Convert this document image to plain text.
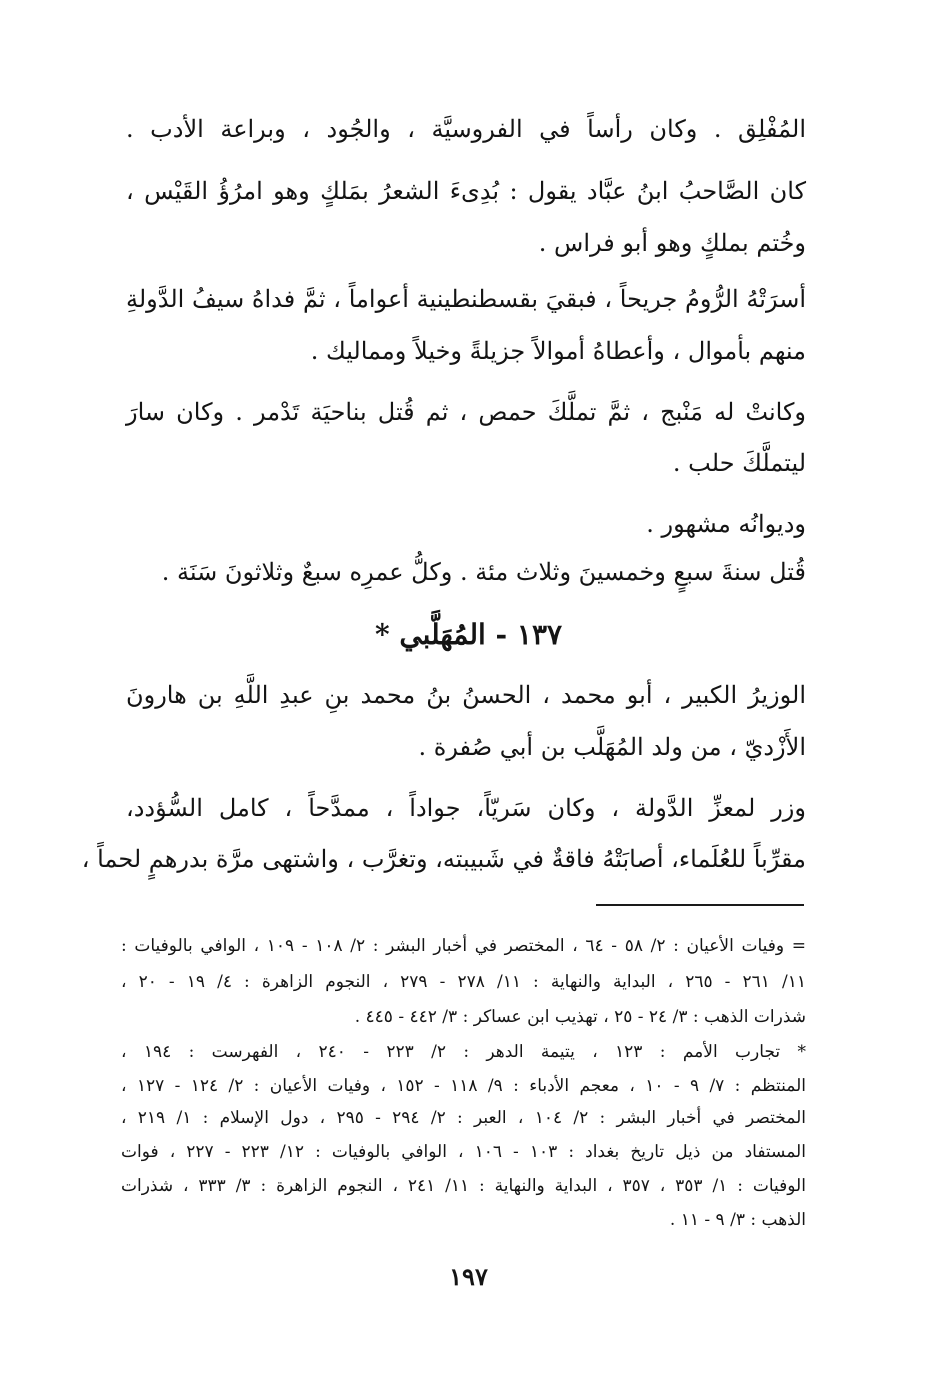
المُفْلِق . وكان رأساً في الفروسيَّة ، والجُود ، وبراعة الأدب .
كان الصَّاحبُ ابنُ عبَّاد يقول : بُدِىءَ الشعرُ بمَلكٍ وهو امرُؤُ القَيْس ،
وخُتم بملكٍ وهو أبو فراس .
أسرَتْهُ الرُّومُ جريحاً ، فبقيَ بقسطنطينية أعواماً ، ثمَّ فداهُ سيفُ الدَّولةِ
منهم بأموال ، وأعطاهُ أموالاً جزيلةً وخيلاً ومماليك .
وكانتْ له مَنْبج ، ثمَّ تملَّكَ حمص ، ثم قُتل بناحيَة تَدْمر . وكان سارَ
ليتملَّكَ حلب .
وديوانُه مشهور .
قُتل سنةَ سبعٍ وخمسينَ وثلاث مئة . وكلُّ عمرِه سبعٌ وثلاثونَ سَنَة .
١٣٧ - المُهَلَّبي *
الوزيرُ الكبير ، أبو محمد ، الحسنُ بنُ محمد بنِ عبدِ اللَّهِ بن هارونَ
الأَزْديّ ، من ولد المُهَلَّب بن أبي صُفرة .
وزر لمعزِّ الدَّولة ، وكان سَريّاً، جواداً ، ممدَّحاً ، كامل السُّؤدد،
مقرِّباً للعُلَماء، أصابَتْهُ فاقةٌ في شَبيبته، وتغرَّب ، واشتهى مرَّة بدرهمٍ لحماً ،
= وفيات الأعيان : ٢/ ٥٨ - ٦٤ ، المختصر في أخبار البشر : ٢/ ١٠٨ - ١٠٩ ، الوافي بالوفيات :
١١/ ٢٦١ - ٢٦٥ ، البداية والنهاية : ١١/ ٢٧٨ - ٢٧٩ ، النجوم الزاهرة : ٤/ ١٩ - ٢٠ ،
شذرات الذهب : ٣/ ٢٤ - ٢٥ ، تهذيب ابن عساكر : ٣/ ٤٤٢ - ٤٤٥ .
* تجارب الأمم : ١٢٣ ، يتيمة الدهر : ٢/ ٢٢٣ - ٢٤٠ ، الفهرست : ١٩٤ ،
المنتظم : ٧/ ٩ - ١٠ ، معجم الأدباء : ٩/ ١١٨ - ١٥٢ ، وفيات الأعيان : ٢/ ١٢٤ - ١٢٧ ،
المختصر في أخبار البشر : ٢/ ١٠٤ ، العبر : ٢/ ٢٩٤ - ٢٩٥ ، دول الإسلام : ١/ ٢١٩ ،
المستفاد من ذيل تاريخ بغداد : ١٠٣ - ١٠٦ ، الوافي بالوفيات : ١٢/ ٢٢٣ - ٢٢٧ ، فوات
الوفيات : ١/ ٣٥٣ ، ٣٥٧ ، البداية والنهاية : ١١/ ٢٤١ ، النجوم الزاهرة : ٣/ ٣٣٣ ، شذرات
الذهب : ٣/ ٩ - ١١ .
١٩٧
